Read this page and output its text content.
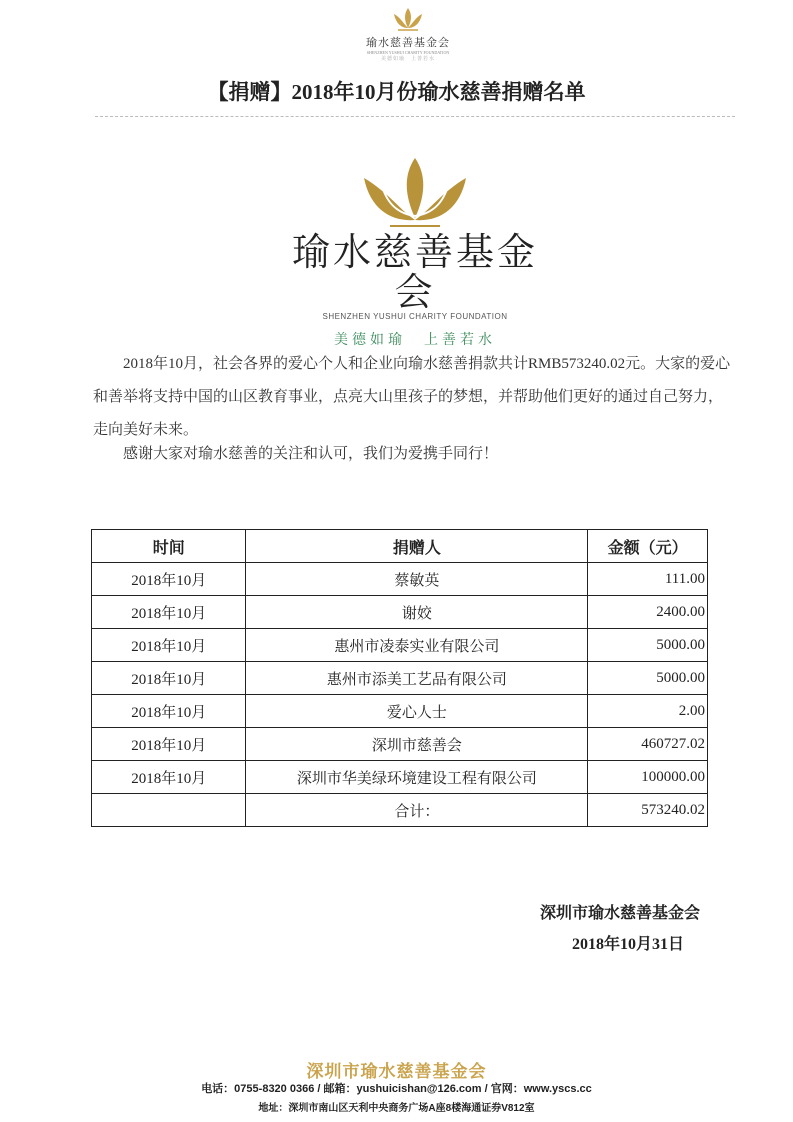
瑜水慈善基金会
SHENZHEN YUSHUI CHARITY FOUNDATION
美德如瑜　上善若水
【捐赠】2018年10月份瑜水慈善捐赠名单
瑜水慈善基金会
SHENZHEN YUSHUI CHARITY FOUNDATION
美德如瑜　上善若水
2018年10月，社会各界的爱心个人和企业向瑜水慈善捐款共计RMB573240.02元。大家的爱心和善举将支持中国的山区教育事业，点亮大山里孩子的梦想，并帮助他们更好的通过自己努力，走向美好未来。
感谢大家对瑜水慈善的关注和认可，我们为爱携手同行！
时间	捐赠人	金额（元）
2018年10月	蔡敏英	111.00
2018年10月	谢姣	2400.00
2018年10月	惠州市凌泰实业有限公司	5000.00
2018年10月	惠州市添美工艺品有限公司	5000.00
2018年10月	爱心人士	2.00
2018年10月	深圳市慈善会	460727.02
2018年10月	深圳市华美绿环境建设工程有限公司	100000.00
	合计：	573240.02
深圳市瑜水慈善基金会
2018年10月31日
深圳市瑜水慈善基金会
电话：0755-8320 0366 / 邮箱：yushuicishan@126.com / 官网：www.yscs.cc
地址：深圳市南山区天利中央商务广场A座8楼海通证券V812室
